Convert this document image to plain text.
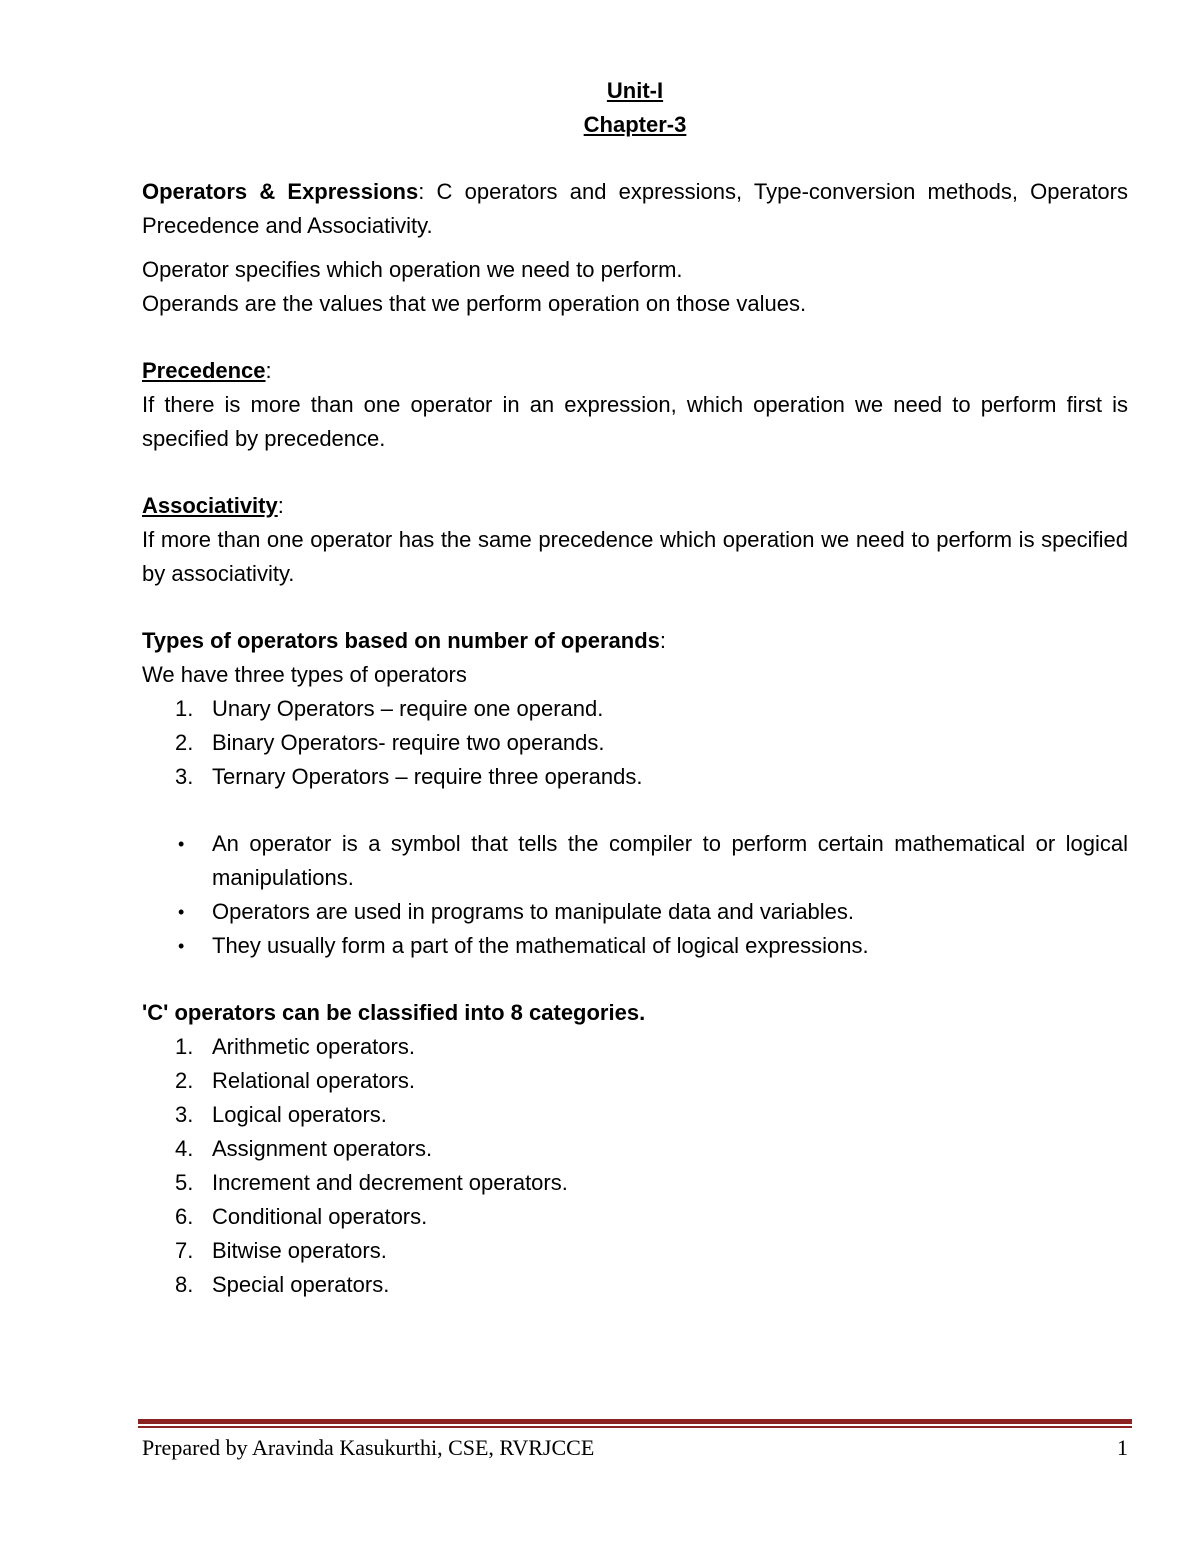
Unit-I

Chapter-3

Operators & Expressions: C operators and expressions, Type-conversion methods, Operators Precedence and Associativity.

Operator specifies which operation we need to perform.

Operands are the values that we perform operation on those values.

Precedence:

If there is more than one operator in an expression, which operation we need to perform first is specified by precedence.

Associativity:

If more than one operator has the same precedence which operation we need to perform is specified by associativity.

Types of operators based on number of operands:

We have three types of operators

1. Unary Operators – require one operand.
2. Binary Operators- require two operands.
3. Ternary Operators – require three operands.
• An operator is a symbol that tells the compiler to perform certain mathematical or logical manipulations.
• Operators are used in programs to manipulate data and variables.
• They usually form a part of the mathematical of logical expressions.

'C' operators can be classified into 8 categories.

1. Arithmetic operators.
2. Relational operators.
3. Logical operators.
4. Assignment operators.
5. Increment and decrement operators.
6. Conditional operators.
7. Bitwise operators.
8. Special operators.
Prepared by Aravinda Kasukurthi, CSE, RVRJCCE	1
